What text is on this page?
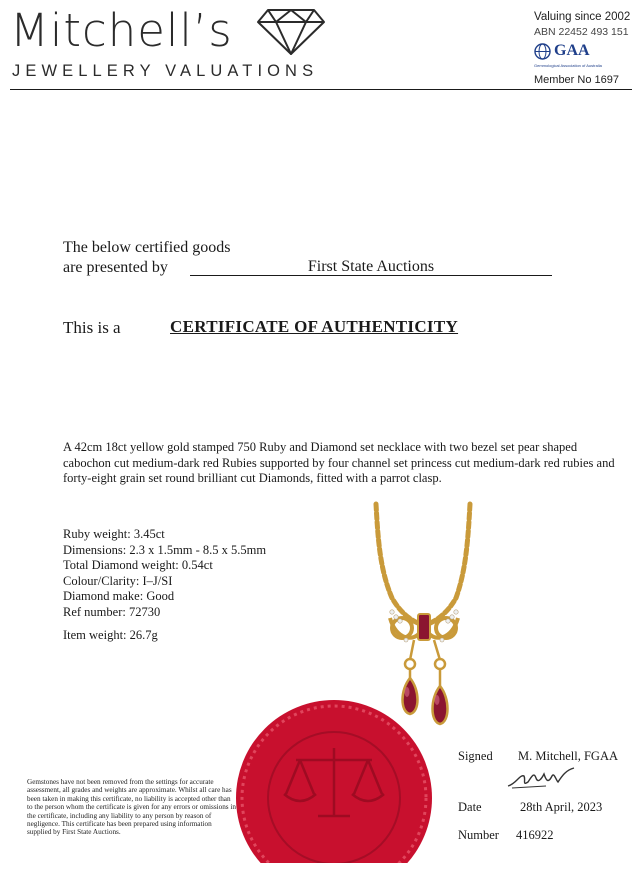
Mitchell’s
JEWELLERY VALUATIONS
Valuing since 2002
ABN 22452 493 151
GAA
Gemmological Association of Australia
Member No 1697
The below certified goods
are presented by	First State Auctions
This is a	CERTIFICATE OF AUTHENTICITY
A 42cm 18ct yellow gold stamped 750 Ruby and Diamond set necklace with two bezel set pear shaped cabochon cut medium-dark red Rubies supported by four channel set princess cut medium-dark red rubies and forty-eight grain set round brilliant cut Diamonds, fitted with a parrot clasp.
Ruby weight: 3.45ct
Dimensions: 2.3 x 1.5mm - 8.5 x 5.5mm
Total Diamond weight: 0.54ct
Colour/Clarity: I–J/SI
Diamond make: Good
Ref number: 72730
Item weight: 26.7g
Gemstones have not been removed from the settings for accurate assessment, all grades and weights are approximate. Whilst all care has been taken in making this certificate, no liability is accepted other than to the person whom the certificate is given for any errors or omissions in the certificate, including any liability to any person by reason of negligence. This certificate has been prepared using information supplied by First State Auctions.
Signed M. Mitchell, FGAA
Date	28th April, 2023
Number 416922
